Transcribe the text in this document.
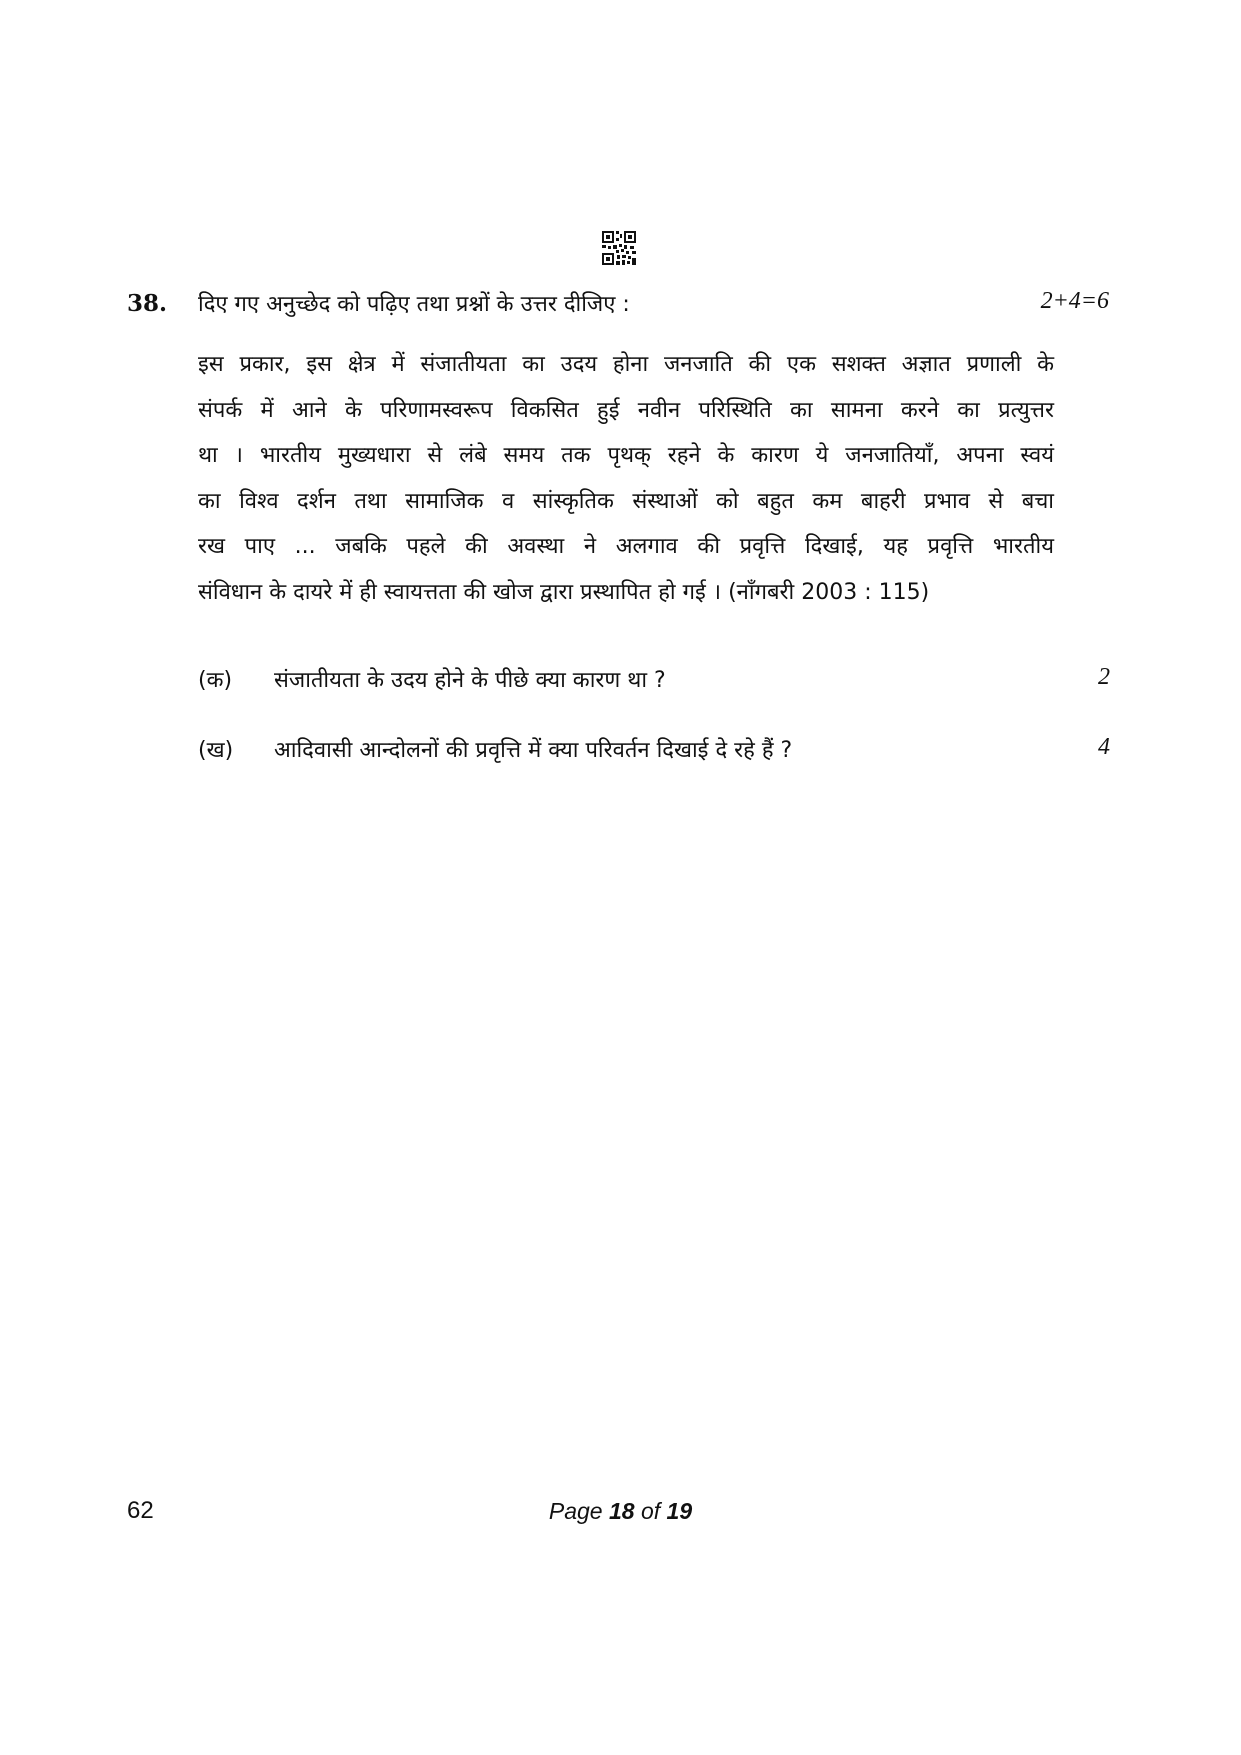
38. दिए गए अनुच्छेद को पढ़िए तथा प्रश्नों के उत्तर दीजिए :	2+4=6
इस प्रकार, इस क्षेत्र में संजातीयता का उदय होना जनजाति की एक सशक्त अज्ञात प्रणाली के
संपर्क में आने के परिणामस्वरूप विकसित हुई नवीन परिस्थिति का सामना करने का प्रत्युत्तर
था । भारतीय मुख्यधारा से लंबे समय तक पृथक् रहने के कारण ये जनजातियाँ, अपना स्वयं
का विश्व दर्शन तथा सामाजिक व सांस्कृतिक संस्थाओं को बहुत कम बाहरी प्रभाव से बचा
रख पाए ... जबकि पहले की अवस्था ने अलगाव की प्रवृत्ति दिखाई, यह प्रवृत्ति भारतीय
संविधान के दायरे में ही स्वायत्तता की खोज द्वारा प्रस्थापित हो गई । (नाँगबरी 2003 : 115)
(क) संजातीयता के उदय होने के पीछे क्या कारण था ?	2
(ख) आदिवासी आन्दोलनों की प्रवृत्ति में क्या परिवर्तन दिखाई दे रहे हैं ?	4
62	Page 18 of 19
